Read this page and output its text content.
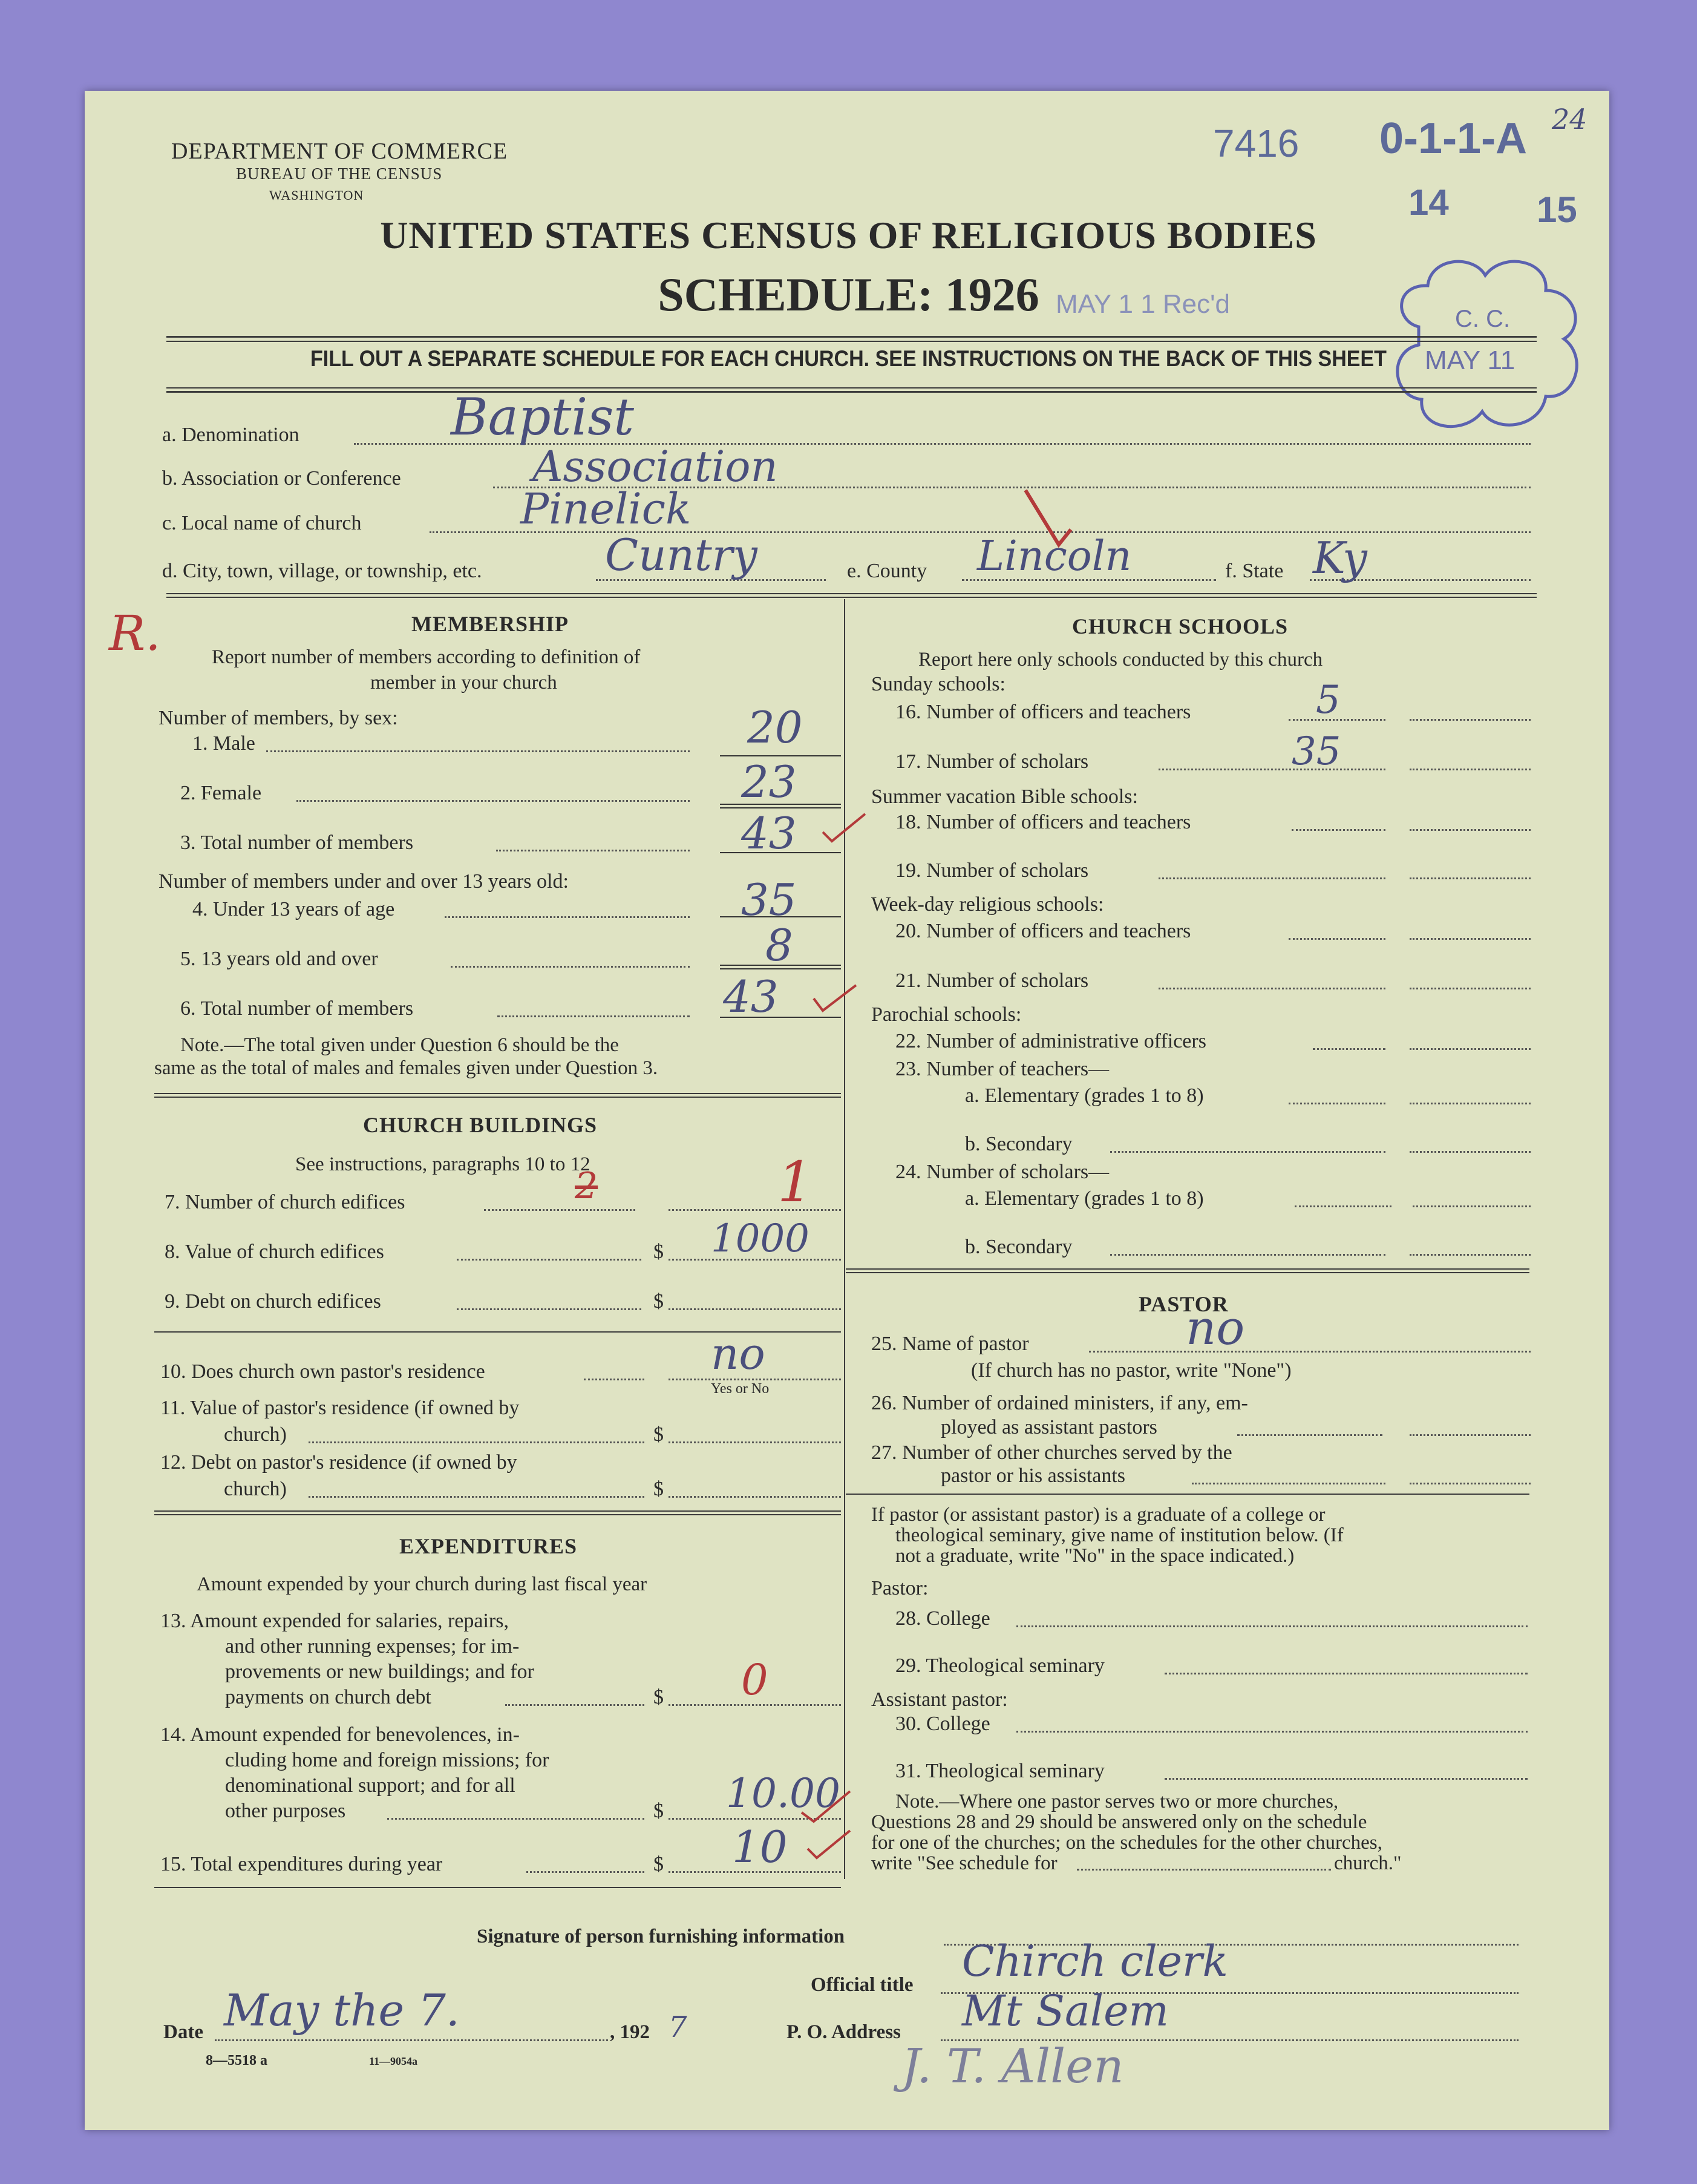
DEPARTMENT OF COMMERCE
BUREAU OF THE CENSUS
WASHINGTON
UNITED STATES CENSUS OF RELIGIOUS BODIES
SCHEDULE: 1926 MAY 1 1 Rec'd
7416 0-1-1-A 24
14 15
C. C.
MAY 11
FILL OUT A SEPARATE SCHEDULE FOR EACH CHURCH. SEE INSTRUCTIONS ON THE BACK OF THIS SHEET
a. Denomination	Baptist
b. Association or Conference	Association
c. Local name of church	Pinelick
d. City, town, village, or township, etc.	Cuntry	e. County Lincoln	f. State Ky
R.	MEMBERSHIP
Report number of members according to definition of
member in your church
Number of members, by sex:
1. Male	20
2. Female	23
3. Total number of members	43
Number of members under and over 13 years old:
4. Under 13 years of age	35
5. 13 years old and over	8
6. Total number of members	43
Note.—The total given under Question 6 should be the
same as the total of males and females given under Question 3.
CHURCH BUILDINGS
See instructions, paragraphs 10 to 12
7. Number of church edifices	2	1
8. Value of church edifices	$ 1000
9. Debt on church edifices	$
10. Does church own pastor's residence	no
Yes or No
11. Value of pastor's residence (if owned by
church)	$
12. Debt on pastor's residence (if owned by
church)	$
EXPENDITURES
Amount expended by your church during last fiscal year
13. Amount expended for salaries, repairs,
and other running expenses; for im-
provements or new buildings; and for
payments on church debt	$ 0
14. Amount expended for benevolences, in-
cluding home and foreign missions; for
denominational support; and for all
other purposes	$ 10.00
15. Total expenditures during year	$ 10
CHURCH SCHOOLS
Report here only schools conducted by this church
Sunday schools:
16. Number of officers and teachers	5
17. Number of scholars	35
Summer vacation Bible schools:
18. Number of officers and teachers
19. Number of scholars
Week-day religious schools:
20. Number of officers and teachers
21. Number of scholars
Parochial schools:
22. Number of administrative officers
23. Number of teachers—
a. Elementary (grades 1 to 8)
b. Secondary
24. Number of scholars—
a. Elementary (grades 1 to 8)
b. Secondary
PASTOR
25. Name of pastor	no
(If church has no pastor, write "None")
26. Number of ordained ministers, if any, em-
ployed as assistant pastors
27. Number of other churches served by the
pastor or his assistants
If pastor (or assistant pastor) is a graduate of a college or
theological seminary, give name of institution below. (If
not a graduate, write "No" in the space indicated.)
Pastor:
28. College
29. Theological seminary
Assistant pastor:
30. College
31. Theological seminary
Note.—Where one pastor serves two or more churches,
Questions 28 and 29 should be answered only on the schedule
for one of the churches; on the schedules for the other churches,
write "See schedule for	church."
Signature of person furnishing information
Official title Chirch clerk
Date May the 7.	, 192 7	P. O. Address Mt Salem
J. T. Allen
8—5518 a	11—9054a
